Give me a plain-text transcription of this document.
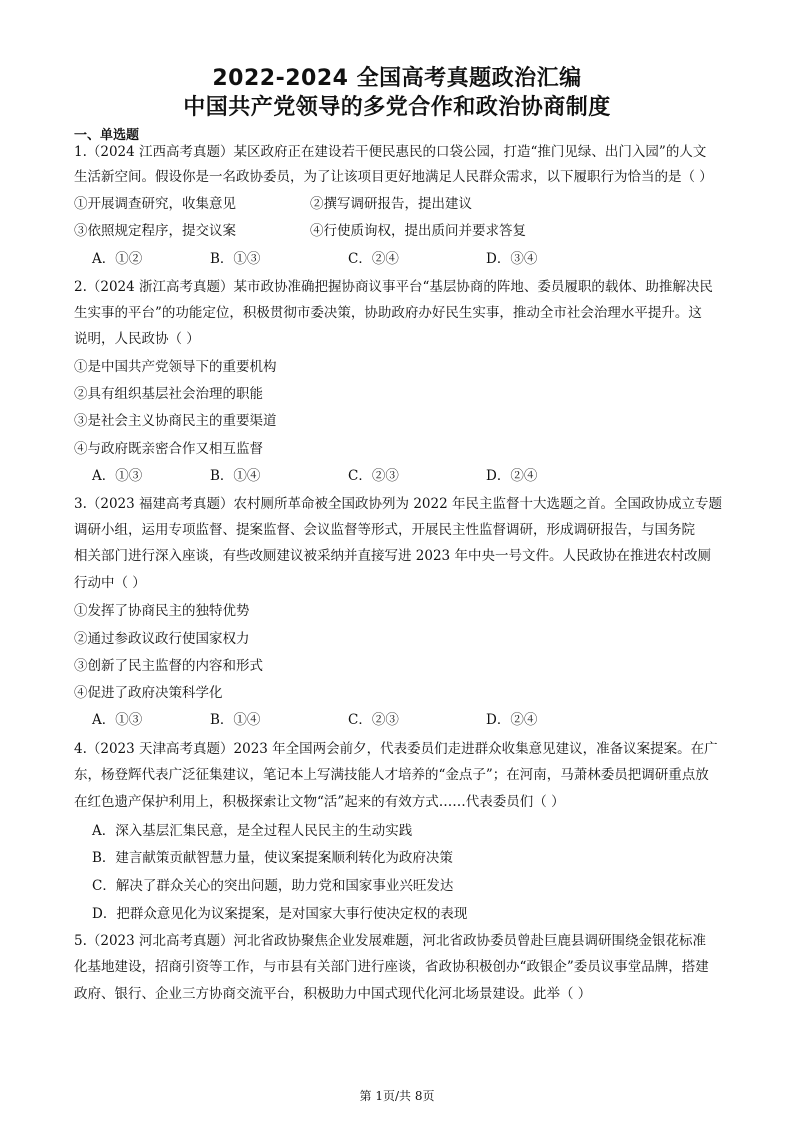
2022-2024 全国高考真题政治汇编
中国共产党领导的多党合作和政治协商制度
一、单选题
1.（2024 江西高考真题）某区政府正在建设若干便民惠民的口袋公园，打造“推门见绿、出门入园”的人文
生活新空间。假设你是一名政协委员，为了让该项目更好地满足人民群众需求，以下履职行为恰当的是（ ）
①开展调查研究，收集意见	②撰写调研报告，提出建议
③依照规定程序，提交议案	④行使质询权，提出质问并要求答复
A．①②	B．①③	C．②④	D．③④
2.（2024 浙江高考真题）某市政协准确把握协商议事平台“基层协商的阵地、委员履职的载体、助推解决民
生实事的平台”的功能定位，积极贯彻市委决策，协助政府办好民生实事，推动全市社会治理水平提升。这
说明，人民政协（ ）
①是中国共产党领导下的重要机构
②具有组织基层社会治理的职能
③是社会主义协商民主的重要渠道
④与政府既亲密合作又相互监督
A．①③	B．①④	C．②③	D．②④
3.（2023 福建高考真题）农村厕所革命被全国政协列为 2022 年民主监督十大选题之首。全国政协成立专题
调研小组，运用专项监督、提案监督、会议监督等形式，开展民主性监督调研，形成调研报告，与国务院
相关部门进行深入座谈，有些改厕建议被采纳并直接写进 2023 年中央一号文件。人民政协在推进农村改厕
行动中（ ）
①发挥了协商民主的独特优势
②通过参政议政行使国家权力
③创新了民主监督的内容和形式
④促进了政府决策科学化
A．①③	B．①④	C．②③	D．②④
4.（2023 天津高考真题）2023 年全国两会前夕，代表委员们走进群众收集意见建议，准备议案提案。在广
东，杨登辉代表广泛征集建议，笔记本上写满技能人才培养的“金点子”；在河南，马萧林委员把调研重点放
在红色遗产保护利用上，积极探索让文物“活”起来的有效方式……代表委员们（ ）
A．深入基层汇集民意，是全过程人民民主的生动实践
B．建言献策贡献智慧力量，使议案提案顺利转化为政府决策
C．解决了群众关心的突出问题，助力党和国家事业兴旺发达
D．把群众意见化为议案提案，是对国家大事行使决定权的表现
5.（2023 河北高考真题）河北省政协聚焦企业发展难题，河北省政协委员曾赴巨鹿县调研围绕金银花标准
化基地建设，招商引资等工作，与市县有关部门进行座谈，省政协积极创办“政银企”委员议事堂品牌，搭建
政府、银行、企业三方协商交流平台，积极助力中国式现代化河北场景建设。此举（ ）
第 1页/共 8页
